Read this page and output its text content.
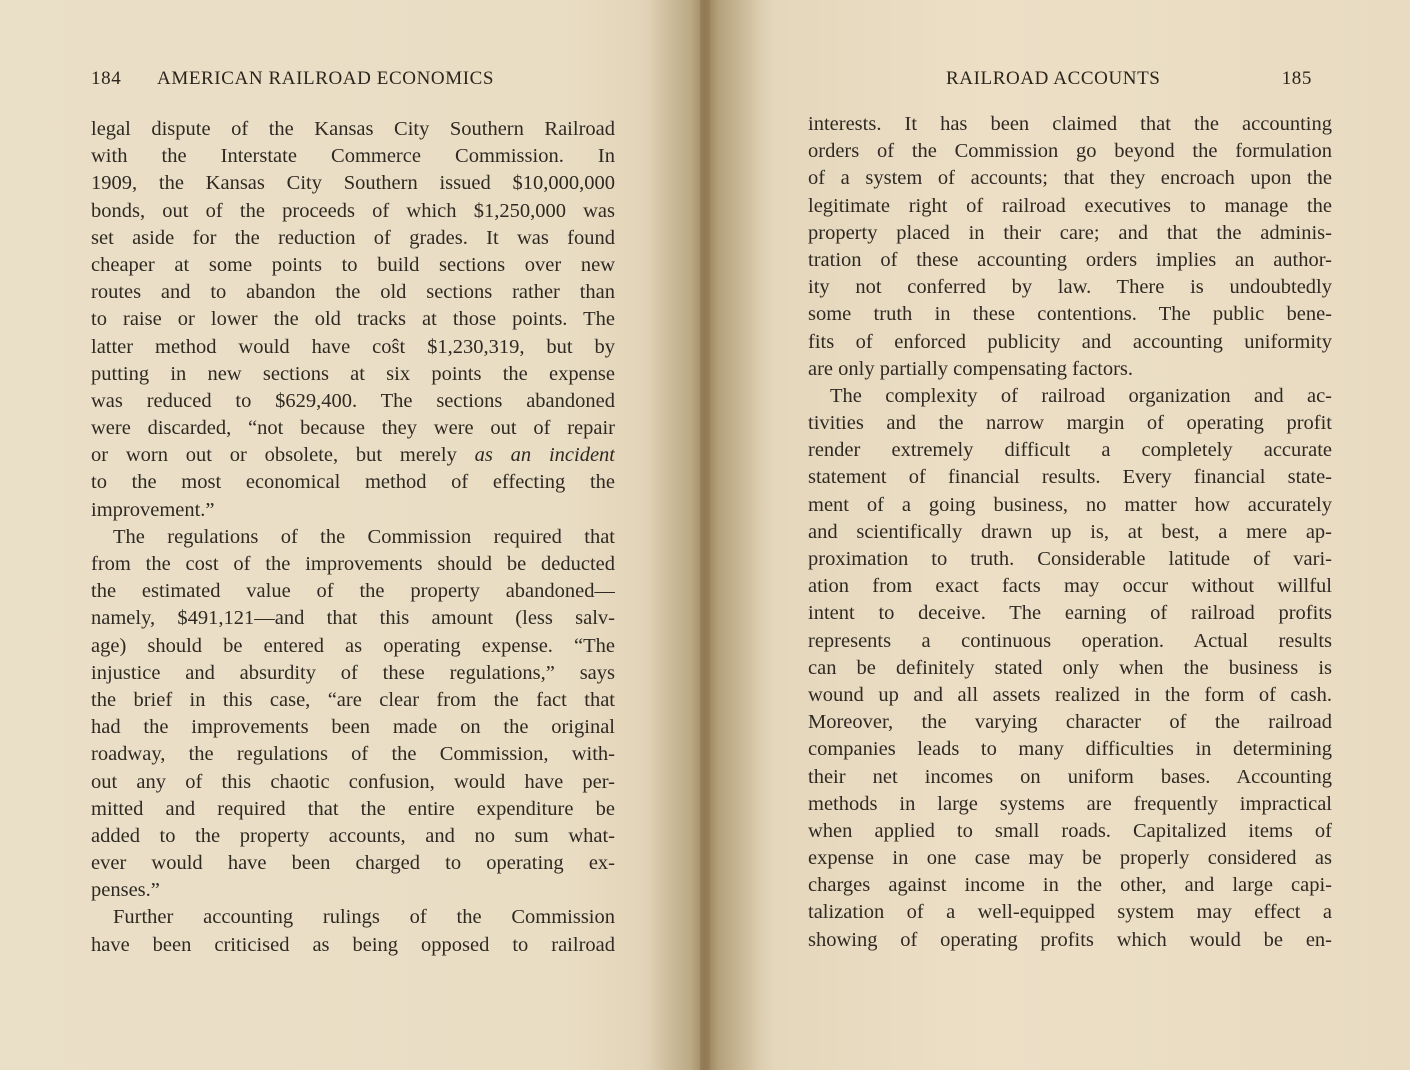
184 AMERICAN RAILROAD ECONOMICS
legal dispute of the Kansas City Southern Railroad
with the Interstate Commerce Commission. In
1909, the Kansas City Southern issued $10,000,000
bonds, out of the proceeds of which $1,250,000 was
set aside for the reduction of grades. It was found
cheaper at some points to build sections over new
routes and to abandon the old sections rather than
to raise or lower the old tracks at those points. The
latter method would have coŝt $1,230,319, but by
putting in new sections at six points the expense
was reduced to $629,400. The sections abandoned
were discarded, “not because they were out of repair
or worn out or obsolete, but merely as an incident
to the most economical method of effecting the
improvement.”
The regulations of the Commission required that
from the cost of the improvements should be deducted
the estimated value of the property abandoned—
namely, $491,121—and that this amount (less salv-
age) should be entered as operating expense. “The
injustice and absurdity of these regulations,” says
the brief in this case, “are clear from the fact that
had the improvements been made on the original
roadway, the regulations of the Commission, with-
out any of this chaotic confusion, would have per-
mitted and required that the entire expenditure be
added to the property accounts, and no sum what-
ever would have been charged to operating ex-
penses.”
Further accounting rulings of the Commission
have been criticised as being opposed to railroad
RAILROAD ACCOUNTS	185
interests. It has been claimed that the accounting
orders of the Commission go beyond the formulation
of a system of accounts; that they encroach upon the
legitimate right of railroad executives to manage the
property placed in their care; and that the adminis-
tration of these accounting orders implies an author-
ity not conferred by law. There is undoubtedly
some truth in these contentions. The public bene-
fits of enforced publicity and accounting uniformity
are only partially compensating factors.
The complexity of railroad organization and ac-
tivities and the narrow margin of operating profit
render extremely difficult a completely accurate
statement of financial results. Every financial state-
ment of a going business, no matter how accurately
and scientifically drawn up is, at best, a mere ap-
proximation to truth. Considerable latitude of vari-
ation from exact facts may occur without willful
intent to deceive. The earning of railroad profits
represents a continuous operation. Actual results
can be definitely stated only when the business is
wound up and all assets realized in the form of cash.
Moreover, the varying character of the railroad
companies leads to many difficulties in determining
their net incomes on uniform bases. Accounting
methods in large systems are frequently impractical
when applied to small roads. Capitalized items of
expense in one case may be properly considered as
charges against income in the other, and large capi-
talization of a well-equipped system may effect a
showing of operating profits which would be en-
